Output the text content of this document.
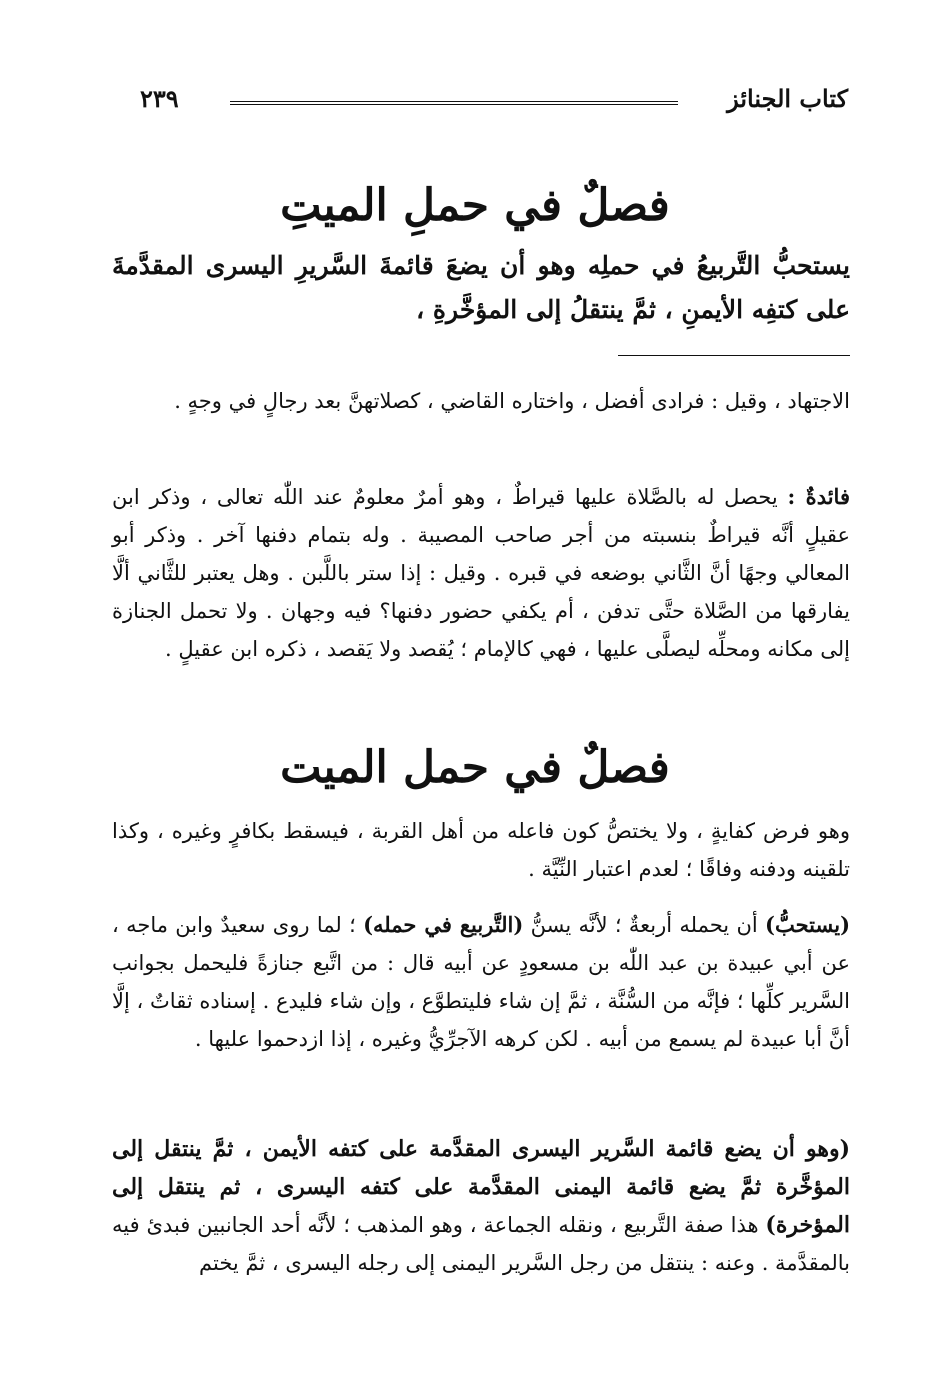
كتاب الجنائز
٢٣٩
فصلٌ في حملِ الميتِ
يستحبُّ التَّربيعُ في حملِه وهو أن يضعَ قائمةَ السَّريرِ اليسرى المقدَّمةَ على كتفِه الأيمنِ ، ثمَّ ينتقلُ إلى المؤخَّرةِ ،
الاجتهاد ، وقيل : فرادى أفضل ، واختاره القاضي ، كصلاتهنَّ بعد رجالٍ في وجهٍ .
فائدةٌ : يحصل له بالصَّلاة عليها قيراطٌ ، وهو أمرٌ معلومٌ عند اللّٰه تعالى ، وذكر ابن عقيلٍ أنَّه قيراطٌ بنسبته من أجر صاحب المصيبة . وله بتمام دفنها آخر . وذكر أبو المعالي وجهًا أنَّ الثَّاني بوضعه في قبره . وقيل : إذا ستر باللَّبن . وهل يعتبر للثَّاني ألَّا يفارقها من الصَّلاة حتَّى تدفن ، أم يكفي حضور دفنها؟ فيه وجهان . ولا تحمل الجنازة إلى مكانه ومحلِّه ليصلَّى عليها ، فهي كالإمام ؛ يُقصد ولا يَقصد ، ذكره ابن عقيلٍ .
فصلٌ في حمل الميت
وهو فرض كفايةٍ ، ولا يختصُّ كون فاعله من أهل القربة ، فيسقط بكافرٍ وغيره ، وكذا تلقينه ودفنه وفاقًا ؛ لعدم اعتبار النِّيَّة .
(يستحبُّ) أن يحمله أربعةٌ ؛ لأنَّه يسنُّ (التَّربيع في حمله) ؛ لما روى سعيدٌ وابن ماجه ، عن أبي عبيدة بن عبد اللّٰه بن مسعودٍ عن أبيه قال : من اتَّبع جنازةً فليحمل بجوانب السَّرير كلِّها ؛ فإنَّه من السُّنَّة ، ثمَّ إن شاء فليتطوَّع ، وإن شاء فليدع . إسناده ثقاتٌ ، إلَّا أنَّ أبا عبيدة لم يسمع من أبيه . لكن كرهه الآجرِّيُّ وغيره ، إذا ازدحموا عليها .
(وهو أن يضع قائمة السَّرير اليسرى المقدَّمة على كتفه الأيمن ، ثمَّ ينتقل إلى المؤخَّرة ثمَّ يضع قائمة اليمنى المقدَّمة على كتفه اليسرى ، ثم ينتقل إلى المؤخرة) هذا صفة التَّربيع ، ونقله الجماعة ، وهو المذهب ؛ لأنَّه أحد الجانبين فبدئ فيه بالمقدَّمة . وعنه : ينتقل من رجل السَّرير اليمنى إلى رجله اليسرى ، ثمَّ يختم
